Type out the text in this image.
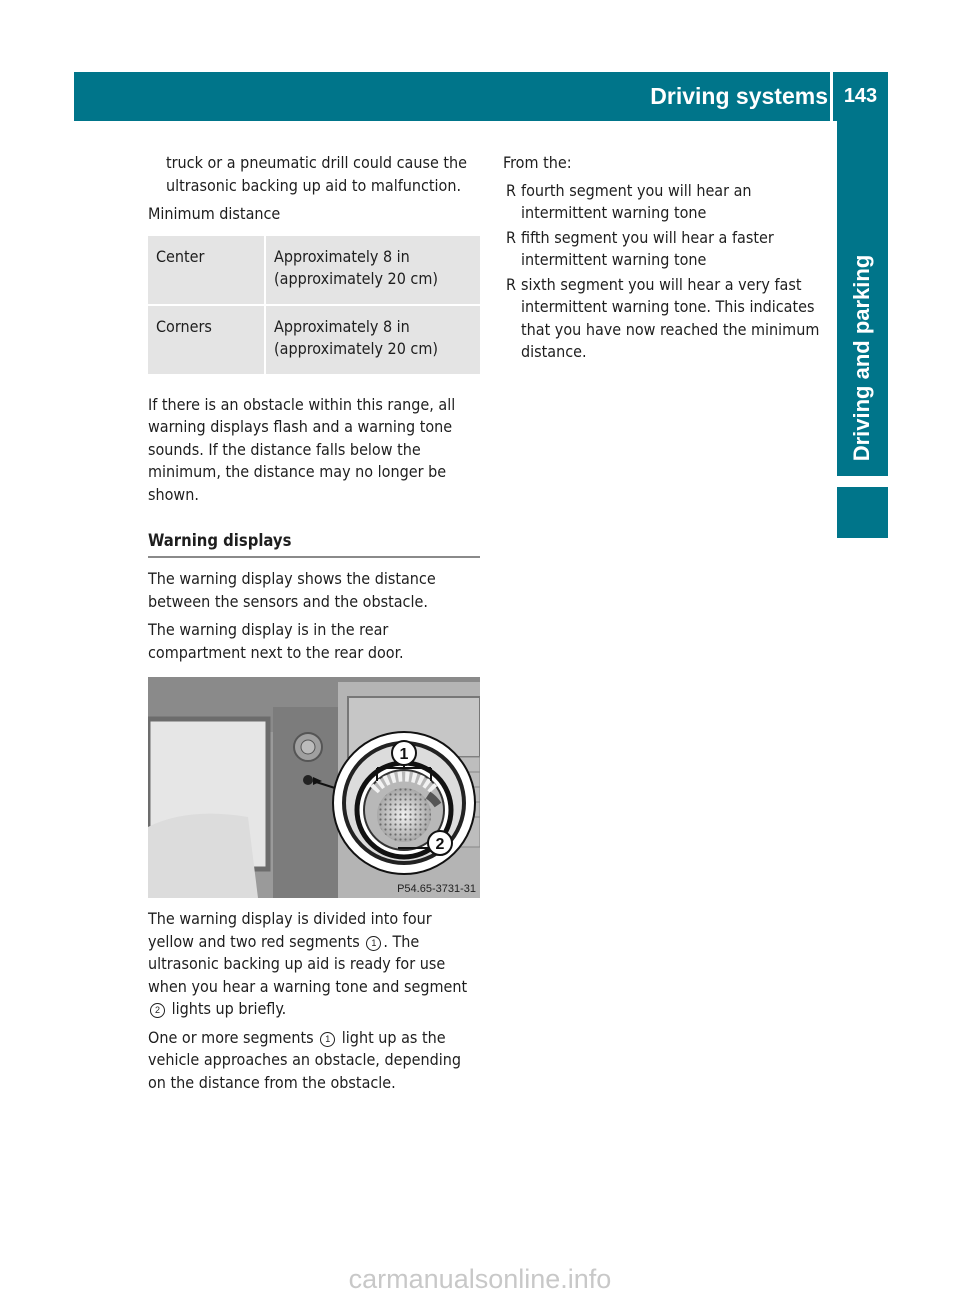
Driving systems 143
Driving and parking

truck or a pneumatic drill could cause the ultrasonic backing up aid to malfunction.

Minimum distance

Center	Approximately 8 in (approximately 20 cm)

Corners	Approximately 8 in (approximately 20 cm)

If there is an obstacle within this range, all warning displays flash and a warning tone sounds. If the distance falls below the minimum, the distance may no longer be shown.

Warning displays

The warning display shows the distance between the sensors and the obstacle.

The warning display is in the rear compartment next to the rear door.

1
2
P54.65-3731-31

The warning display is divided into four yellow and two red segments 1 . The ultrasonic backing up aid is ready for use when you hear a warning tone and segment 2 lights up briefly.

One or more segments 1 light up as the vehicle approaches an obstacle, depending on the distance from the obstacle.

From the:

R fourth segment you will hear an intermittent warning tone
R fifth segment you will hear a faster intermittent warning tone
R sixth segment you will hear a very fast intermittent warning tone. This indicates that you have now reached the minimum distance.
carmanualsonline.info
